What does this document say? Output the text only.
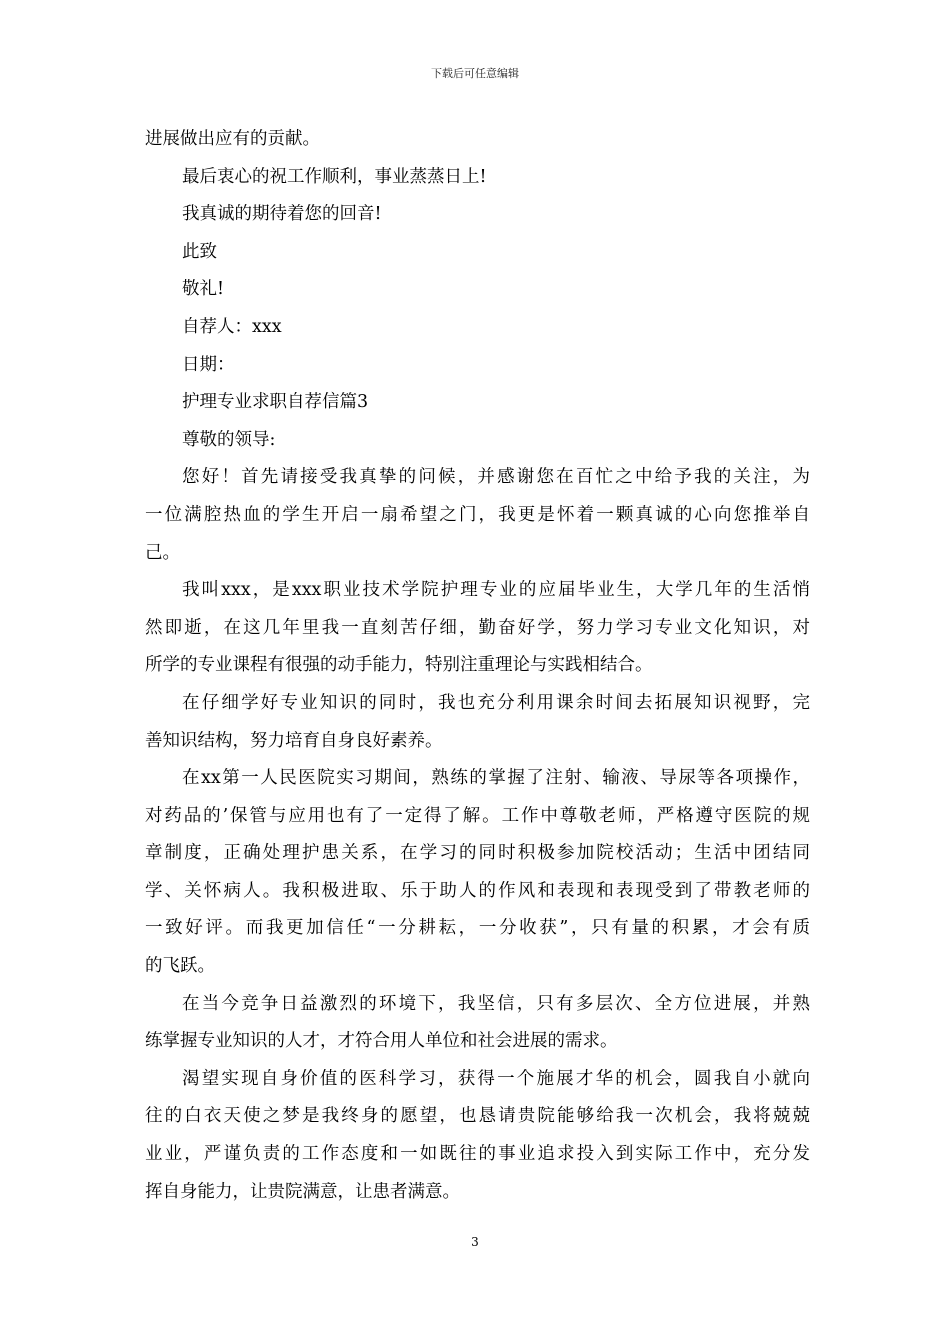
下载后可任意编辑
进展做出应有的贡献。
最后衷心的祝工作顺利，事业蒸蒸日上!
我真诚的期待着您的回音!
此致
敬礼!
自荐人：xxx
日期：
护理专业求职自荐信篇3
尊敬的领导:
您好！首先请接受我真挚的问候，并感谢您在百忙之中给予我的关注，为
一位满腔热血的学生开启一扇希望之门，我更是怀着一颗真诚的心向您推举自
己。
我叫xxx，是xxx职业技术学院护理专业的应届毕业生，大学几年的生活悄
然即逝，在这几年里我一直刻苦仔细，勤奋好学，努力学习专业文化知识，对
所学的专业课程有很强的动手能力，特别注重理论与实践相结合。
在仔细学好专业知识的同时，我也充分利用课余时间去拓展知识视野，完
善知识结构，努力培育自身良好素养。
在xx第一人民医院实习期间，熟练的掌握了注射、输液、导尿等各项操作，
对药品的’保管与应用也有了一定得了解。工作中尊敬老师，严格遵守医院的规
章制度，正确处理护患关系，在学习的同时积极参加院校活动；生活中团结同
学、关怀病人。我积极进取、乐于助人的作风和表现和表现受到了带教老师的
一致好评。而我更加信任“一分耕耘，一分收获”，只有量的积累，才会有质
的飞跃。
在当今竞争日益激烈的环境下，我坚信，只有多层次、全方位进展，并熟
练掌握专业知识的人才，才符合用人单位和社会进展的需求。
渴望实现自身价值的医科学习，获得一个施展才华的机会，圆我自小就向
往的白衣天使之梦是我终身的愿望，也恳请贵院能够给我一次机会，我将兢兢
业业，严谨负责的工作态度和一如既往的事业追求投入到实际工作中，充分发
挥自身能力，让贵院满意，让患者满意。
3
